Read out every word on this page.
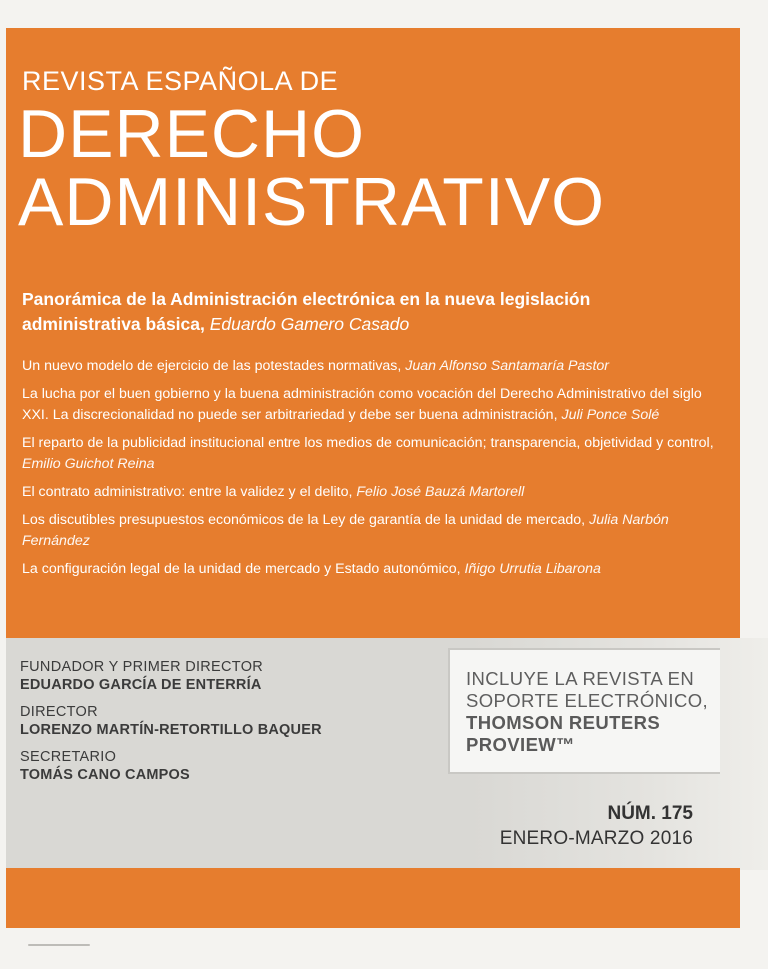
REVISTA ESPAÑOLA DE
DERECHO
ADMINISTRATIVO
Panorámica de la Administración electrónica en la nueva legislación administrativa básica, Eduardo Gamero Casado
Un nuevo modelo de ejercicio de las potestades normativas, Juan Alfonso Santamaría Pastor
La lucha por el buen gobierno y la buena administración como vocación del Derecho Administrativo del siglo XXI. La discrecionalidad no puede ser arbitrariedad y debe ser buena administración, Juli Ponce Solé
El reparto de la publicidad institucional entre los medios de comunicación; transparencia, objetividad y control, Emilio Guichot Reina
El contrato administrativo: entre la validez y el delito, Felio José Bauzá Martorell
Los discutibles presupuestos económicos de la Ley de garantía de la unidad de mercado, Julia Narbón Fernández
La configuración legal de la unidad de mercado y Estado autonómico, Iñigo Urrutia Libarona
FUNDADOR Y PRIMER DIRECTOR
EDUARDO GARCÍA DE ENTERRÍA
DIRECTOR
LORENZO MARTÍN-RETORTILLO BAQUER
SECRETARIO
TOMÁS CANO CAMPOS
INCLUYE LA REVISTA EN
SOPORTE ELECTRÓNICO,
THOMSON REUTERS
PROVIEW™
NÚM. 175
ENERO-MARZO 2016
